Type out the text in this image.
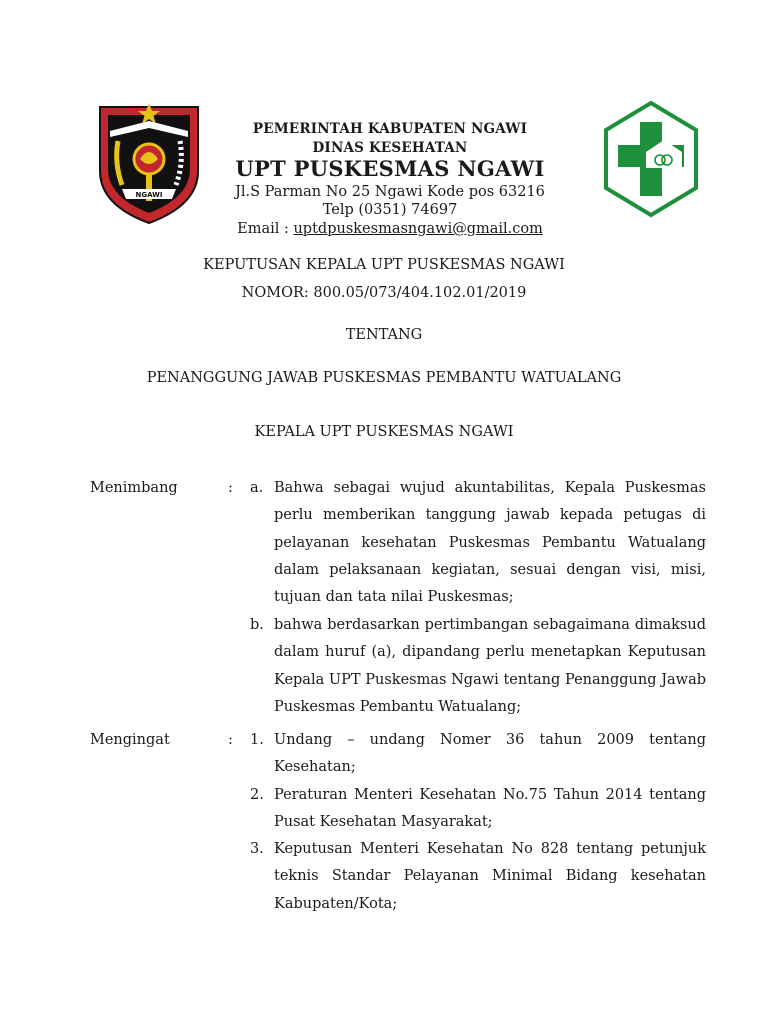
NGAWI
PEMERINTAH KABUPATEN NGAWI
DINAS KESEHATAN
UPT PUSKESMAS NGAWI
Jl.S Parman No 25 Ngawi Kode pos 63216
Telp (0351) 74697
Email : uptdpuskesmasngawi@gmail.com
KEPUTUSAN KEPALA UPT PUSKESMAS NGAWI
NOMOR: 800.05/073/404.102.01/2019
TENTANG
PENANGGUNG JAWAB PUSKESMAS PEMBANTU WATUALANG
KEPALA UPT PUSKESMAS NGAWI
Menimbang	: a. Bahwa sebagai wujud akuntabilitas, Kepala Puskesmas perlu memberikan tanggung jawab kepada petugas di pelayanan kesehatan Puskesmas Pembantu Watualang dalam pelaksanaan kegiatan, sesuai dengan visi, misi, tujuan dan tata nilai Puskesmas;
b. bahwa berdasarkan pertimbangan sebagaimana dimaksud dalam huruf (a), dipandang perlu menetapkan Keputusan Kepala UPT Puskesmas Ngawi tentang Penanggung Jawab Puskesmas Pembantu Watualang;
Mengingat	: 1. Undang – undang Nomer 36 tahun 2009 tentang Kesehatan;
2. Peraturan Menteri Kesehatan No.75 Tahun 2014 tentang Pusat Kesehatan Masyarakat;
3. Keputusan Menteri Kesehatan No 828 tentang petunjuk teknis Standar Pelayanan Minimal Bidang kesehatan Kabupaten/Kota;
